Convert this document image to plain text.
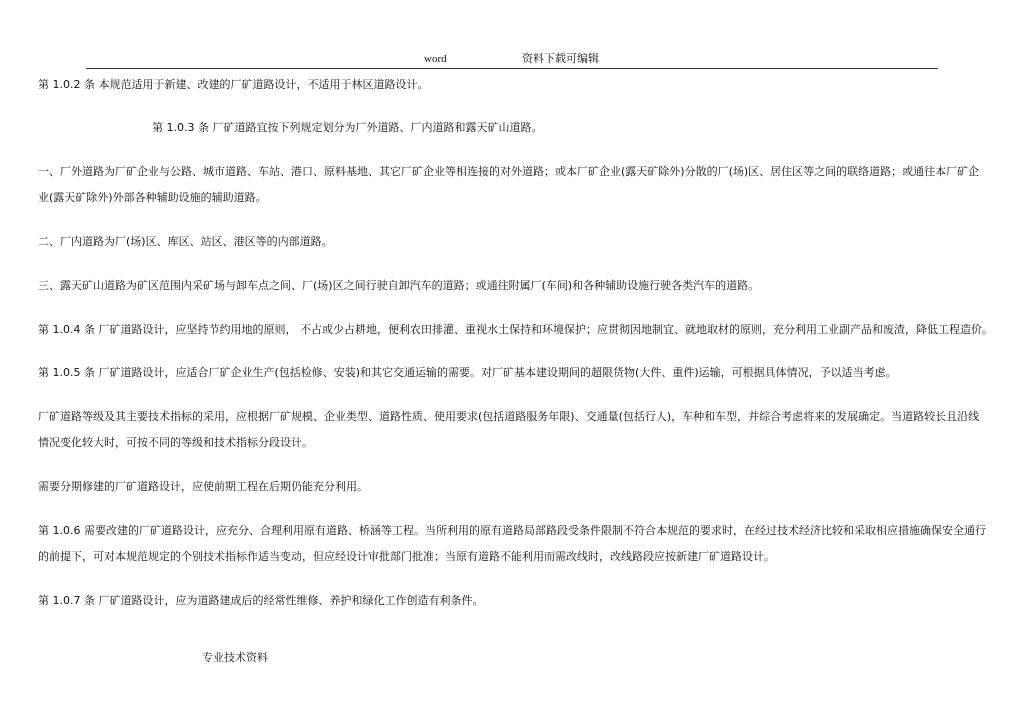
word	资料下载可编辑
第 1.0.2 条 本规范适用于新建、改建的厂矿道路设计，不适用于林区道路设计。
第 1.0.3 条 厂矿道路宜按下列规定划分为厂外道路、厂内道路和露天矿山道路。
一、厂外道路为厂矿企业与公路、城市道路、车站、港口、原料基地、其它厂矿企业等相连接的对外道路；或本厂矿企业(露天矿除外)分散的厂(场)区、居住区等之间的联络道路；或通往本厂矿企业(露天矿除外)外部各种辅助设施的辅助道路。
二、厂内道路为厂(场)区、库区、站区、港区等的内部道路。
三、露天矿山道路为矿区范围内采矿场与卸车点之间、厂(场)区之间行驶自卸汽车的道路；或通往附属厂(车间)和各种辅助设施行驶各类汽车的道路。
第 1.0.4 条 厂矿道路设计，应坚持节约用地的原则， 不占或少占耕地，便利农田排灌、重视水土保持和环境保护；应贯彻因地制宜、就地取材的原则，充分利用工业副产品和废渣，降低工程造价。
第 1.0.5 条 厂矿道路设计，应适合厂矿企业生产(包括检修、安装)和其它交通运输的需要。对厂矿基本建设期间的超限货物(大件、重件)运输，可根据具体情况，予以适当考虑。
厂矿道路等级及其主要技术指标的采用，应根据厂矿规模、企业类型、道路性质、使用要求(包括道路服务年限)、交通量(包括行人)，车种和车型，并综合考虑将来的发展确定。当道路较长且沿线情况变化较大时，可按不同的等级和技术指标分段设计。
需要分期修建的厂矿道路设计，应使前期工程在后期仍能充分利用。
第 1.0.6 需要改建的厂矿道路设计，应充分、合理利用原有道路、桥涵等工程。当所利用的原有道路局部路段受条件限制不符合本规范的要求时，在经过技术经济比较和采取相应措施确保安全通行的前提下，可对本规范规定的个别技术指标作适当变动，但应经设计审批部门批准；当原有道路不能利用而需改线时，改线路段应按新建厂矿道路设计。
第 1.0.7 条 厂矿道路设计，应为道路建成后的经常性维修、养护和绿化工作创造有利条件。
专业技术资料
